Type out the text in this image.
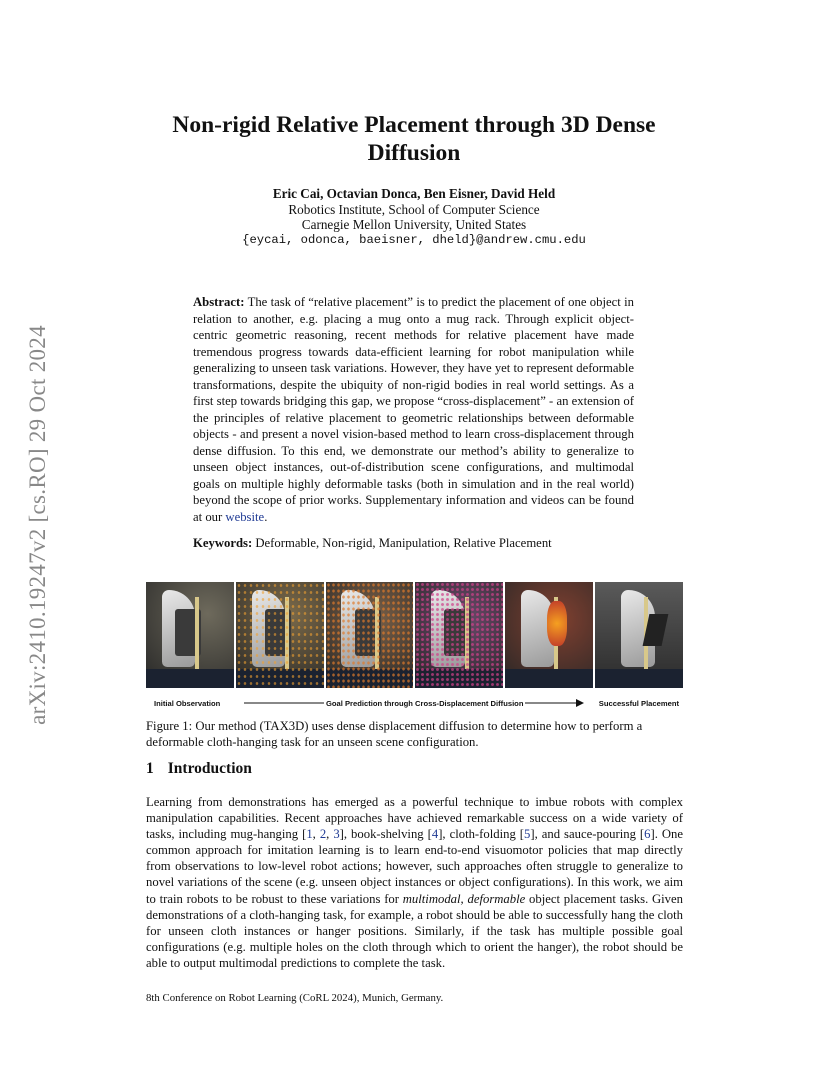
arXiv:2410.19247v2 [cs.RO] 29 Oct 2024
Non-rigid Relative Placement through 3D Dense Diffusion
Eric Cai, Octavian Donca, Ben Eisner, David Held
Robotics Institute, School of Computer Science
Carnegie Mellon University, United States
{eycai, odonca, baeisner, dheld}@andrew.cmu.edu
Abstract: The task of “relative placement” is to predict the placement of one object in relation to another, e.g. placing a mug onto a mug rack. Through explicit object-centric geometric reasoning, recent methods for relative placement have made tremendous progress towards data-efficient learning for robot manipulation while generalizing to unseen task variations. However, they have yet to represent deformable transformations, despite the ubiquity of non-rigid bodies in real world settings. As a first step towards bridging this gap, we propose “cross-displacement” - an extension of the principles of relative placement to geometric relationships between deformable objects - and present a novel vision-based method to learn cross-displacement through dense diffusion. To this end, we demonstrate our method’s ability to generalize to unseen object instances, out-of-distribution scene configurations, and multimodal goals on multiple highly deformable tasks (both in simulation and in the real world) beyond the scope of prior works. Supplementary information and videos can be found at our website.
Keywords: Deformable, Non-rigid, Manipulation, Relative Placement
Initial Observation	Goal Prediction through Cross-Displacement Diffusion	Successful Placement
Figure 1: Our method (TAX3D) uses dense displacement diffusion to determine how to perform a deformable cloth-hanging task for an unseen scene configuration.
1 Introduction
Learning from demonstrations has emerged as a powerful technique to imbue robots with complex manipulation capabilities. Recent approaches have achieved remarkable success on a wide variety of tasks, including mug-hanging [1, 2, 3], book-shelving [4], cloth-folding [5], and sauce-pouring [6]. One common approach for imitation learning is to learn end-to-end visuomotor policies that map directly from observations to low-level robot actions; however, such approaches often struggle to generalize to novel variations of the scene (e.g. unseen object instances or object configurations). In this work, we aim to train robots to be robust to these variations for multimodal, deformable object placement tasks. Given demonstrations of a cloth-hanging task, for example, a robot should be able to successfully hang the cloth for unseen cloth instances or hanger positions. Similarly, if the task has multiple possible goal configurations (e.g. multiple holes on the cloth through which to orient the hanger), the robot should be able to output multimodal predictions to complete the task.
8th Conference on Robot Learning (CoRL 2024), Munich, Germany.
